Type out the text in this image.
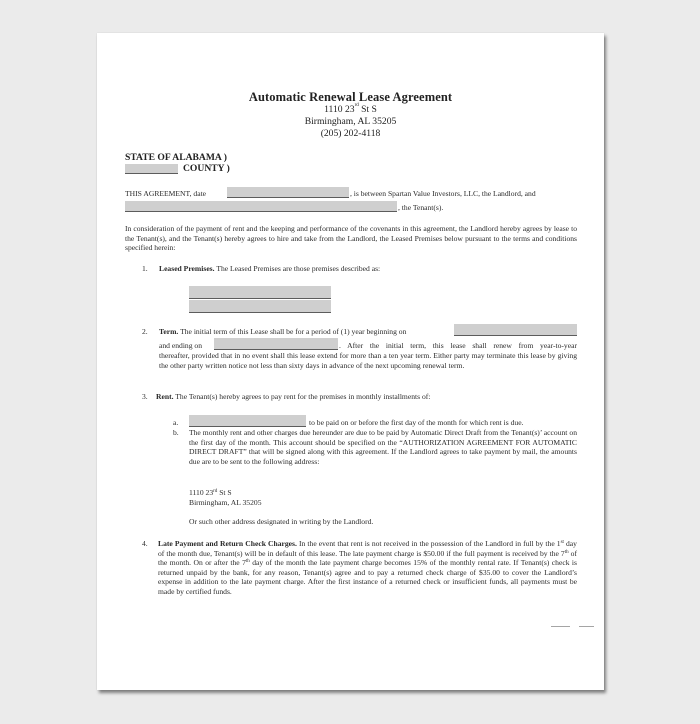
Automatic Renewal Lease Agreement
1110 23rd St S
Birmingham, AL 35205
(205) 202-4118
STATE OF ALABAMA )
COUNTY )
THIS AGREEMENT, date	, is between Spartan Value Investors, LLC, the Landlord, and
, the Tenant(s).
In consideration of the payment of rent and the keeping and performance of the covenants in this agreement, the Landlord hereby agrees by lease to the Tenant(s), and the Tenant(s) hereby agrees to hire and take from the Landlord, the Leased Premises below pursuant to the terms and conditions specified herein:
1. Leased Premises. The Leased Premises are those premises described as:
2. Term. The initial term of this Lease shall be for a period of (1) year beginning on
and ending on	. After the initial term, this lease shall renew from year-to-year
thereafter, provided that in no event shall this lease extend for more than a ten year term. Either party may terminate this lease by giving the other party written notice not less than sixty days in advance of the next upcoming renewal term.
3. Rent. The Tenant(s) hereby agrees to pay rent for the premises in monthly installments of:
a.	to be paid on or before the first day of the month for which rent is due.
b. The monthly rent and other charges due hereunder are due to be paid by Automatic Direct Draft from the Tenant(s)’ account on the first day of the month. This account should be specified on the “AUTHORIZATION AGREEMENT FOR AUTOMATIC DIRECT DRAFT” that will be signed along with this agreement. If the Landlord agrees to take payment by mail, the amounts due are to be sent to the following address:
1110 23rd St S
Birmingham, AL 35205
Or such other address designated in writing by the Landlord.
4. Late Payment and Return Check Charges. In the event that rent is not received in the possession of the Landlord in full by the 1st day of the month due, Tenant(s) will be in default of this lease. The late payment charge is $50.00 if the full payment is received by the 7th of the month. On or after the 7th day of the month the late payment charge becomes 15% of the monthly rental rate. If Tenant(s) check is returned unpaid by the bank, for any reason, Tenant(s) agree and to pay a returned check charge of $35.00 to cover the Landlord’s expense in addition to the late payment charge. After the first instance of a returned check or insufficient funds, all payments must be made by certified funds.
